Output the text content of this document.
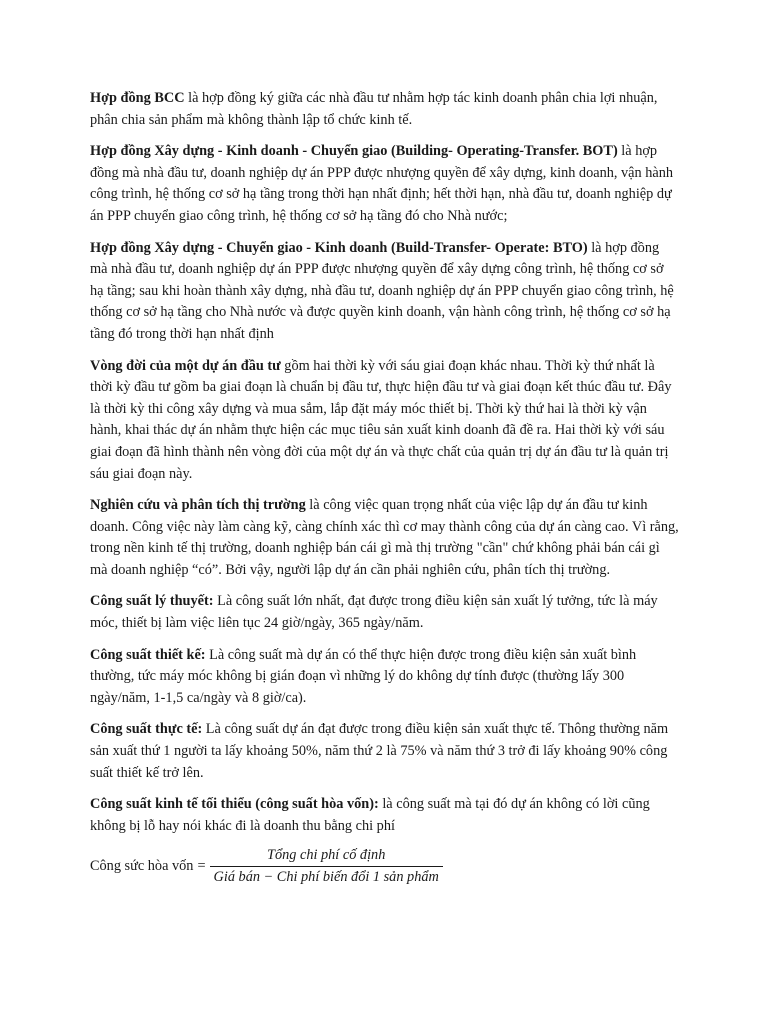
Hợp đồng BCC là hợp đồng ký giữa các nhà đầu tư nhằm hợp tác kinh doanh phân chia lợi nhuận, phân chia sản phẩm mà không thành lập tổ chức kinh tế.

Hợp đồng Xây dựng - Kinh doanh - Chuyển giao (Building- Operating-Transfer. BOT) là hợp đồng mà nhà đầu tư, doanh nghiệp dự án PPP được nhượng quyền để xây dựng, kinh doanh, vận hành công trình, hệ thống cơ sở hạ tầng trong thời hạn nhất định; hết thời hạn, nhà đầu tư, doanh nghiệp dự án PPP chuyển giao công trình, hệ thống cơ sở hạ tầng đó cho Nhà nước;

Hợp đồng Xây dựng - Chuyển giao - Kinh doanh (Build-Transfer- Operate: BTO) là hợp đồng mà nhà đầu tư, doanh nghiệp dự án PPP được nhượng quyền để xây dựng công trình, hệ thống cơ sở hạ tầng; sau khi hoàn thành xây dựng, nhà đầu tư, doanh nghiệp dự án PPP chuyển giao công trình, hệ thống cơ sở hạ tầng cho Nhà nước và được quyền kinh doanh, vận hành công trình, hệ thống cơ sở hạ tầng đó trong thời hạn nhất định

Vòng đời của một dự án đầu tư gồm hai thời kỳ với sáu giai đoạn khác nhau. Thời kỳ thứ nhất là thời kỳ đầu tư gồm ba giai đoạn là chuẩn bị đầu tư, thực hiện đầu tư và giai đoạn kết thúc đầu tư. Đây là thời kỳ thi công xây dựng và mua sắm, lắp đặt máy móc thiết bị. Thời kỳ thứ hai là thời kỳ vận hành, khai thác dự án nhằm thực hiện các mục tiêu sản xuất kinh doanh đã đề ra. Hai thời kỳ với sáu giai đoạn đã hình thành nên vòng đời của một dự án và thực chất của quản trị dự án đầu tư là quản trị sáu giai đoạn này.

Nghiên cứu và phân tích thị trường là công việc quan trọng nhất của việc lập dự án đầu tư kinh doanh. Công việc này làm càng kỹ, càng chính xác thì cơ may thành công của dự án càng cao. Vì rằng, trong nền kinh tế thị trường, doanh nghiệp bán cái gì mà thị trường "cần" chứ không phải bán cái gì mà doanh nghiệp “có”. Bởi vậy, người lập dự án cần phải nghiên cứu, phân tích thị trường.

Công suất lý thuyết: Là công suất lớn nhất, đạt được trong điều kiện sản xuất lý tưởng, tức là máy móc, thiết bị làm việc liên tục 24 giờ/ngày, 365 ngày/năm.

Công suất thiết kế: Là công suất mà dự án có thể thực hiện được trong điều kiện sản xuất bình thường, tức máy móc không bị gián đoạn vì những lý do không dự tính được (thường lấy 300 ngày/năm, 1-1,5 ca/ngày và 8 giờ/ca).

Công suất thực tế: Là công suất dự án đạt được trong điều kiện sản xuất thực tế. Thông thường năm sản xuất thứ 1 người ta lấy khoảng 50%, năm thứ 2 là 75% và năm thứ 3 trở đi lấy khoảng 90% công suất thiết kế trở lên.

Công suất kinh tế tối thiểu (công suất hòa vốn): là công suất mà tại đó dự án không có lời cũng không bị lỗ hay nói khác đi là doanh thu bằng chi phí

Công sức hòa vốn = $\frac{\text{Tổng chi phí cố định}}{\text{Giá bán − Chi phí biến đổi 1 sản phẩm}}$
